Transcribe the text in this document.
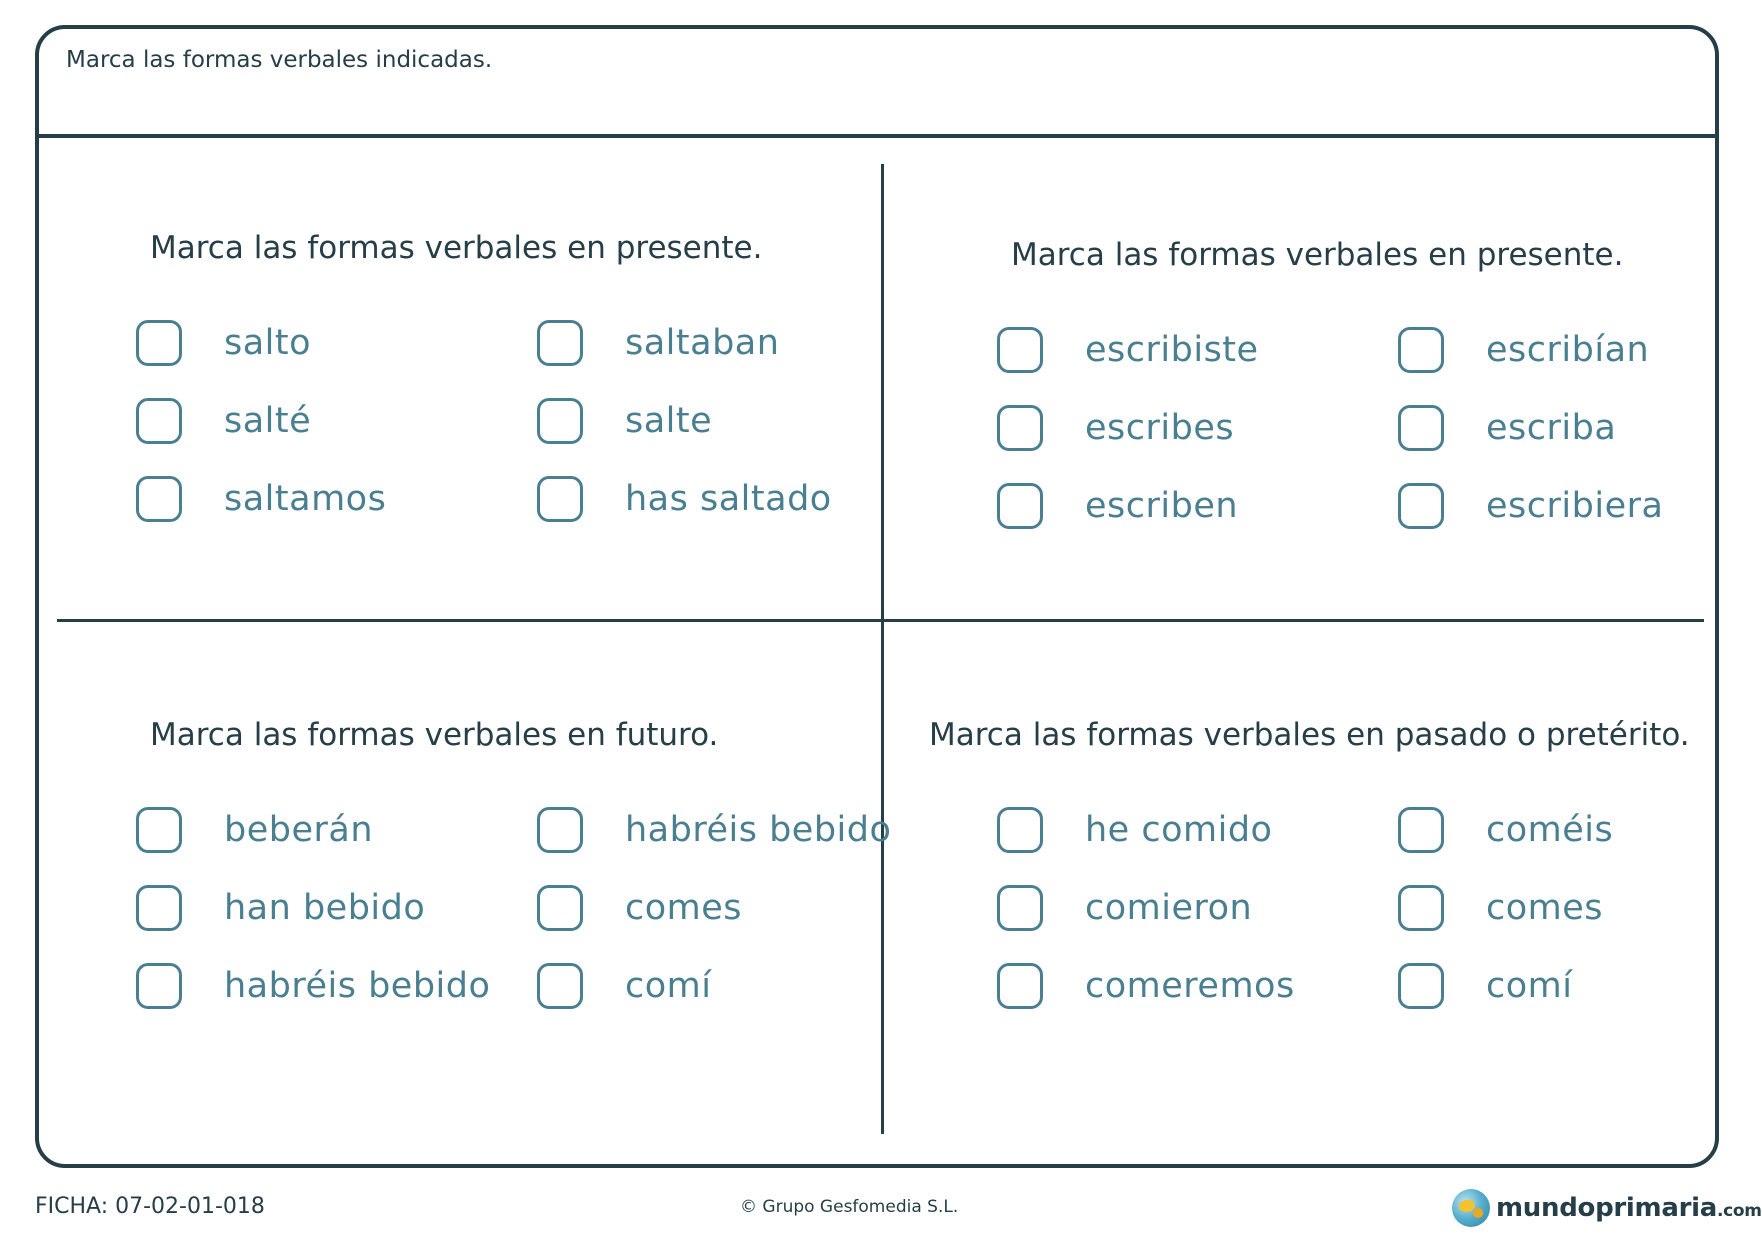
Marca las formas verbales indicadas.
Marca las formas verbales en presente.
salto	saltaban
salté	salte
saltamos	has saltado
Marca las formas verbales en presente.
escribiste	escribían
escribes	escriba
escriben	escribiera
Marca las formas verbales en futuro.
beberán	habréis bebido
han bebido	comes
habréis bebido	comí
Marca las formas verbales en pasado o pretérito.
he comido	coméis
comieron	comes
comeremos	comí
FICHA: 07-02-01-018	© Grupo Gesfomedia S.L.	mundoprimaria.com
